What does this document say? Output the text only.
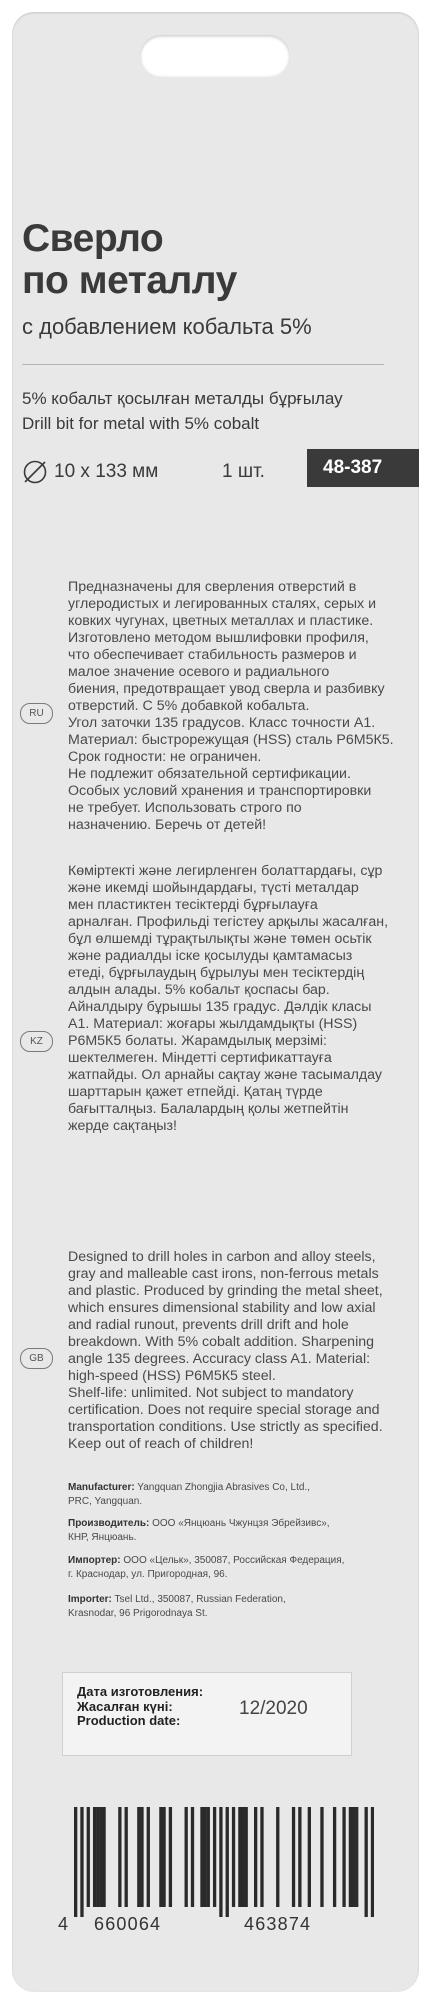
Сверло
по металлу
с добавлением кобальта 5%
5% кобальт қосылған металды бұрғылау
Drill bit for metal with 5% cobalt
10 x 133 мм	1 шт.	48-387
Предназначены для сверления отверстий в
углеродистых и легированных сталях, серых и
ковких чугунах, цветных металлах и пластике.
Изготовлено методом вышлифовки профиля,
что обеспечивает стабильность размеров и
малое значение осевого и радиального
биения, предотвращает увод сверла и разбивку
отверстий. С 5% добавкой кобальта.
Угол заточки 135 градусов. Класс точности А1.
Материал: быстрорежущая (HSS) сталь Р6М5К5.
Срок годности: не ограничен.
Не подлежит обязательной сертификации.
Особых условий хранения и транспортировки
не требует. Использовать строго по
назначению. Беречь от детей!
RU
Көміртекті және легирленген болаттардағы, сұр
және икемді шойындардағы, түсті металдар
мен пластиктен тесіктерді бұрғылауға
арналған. Профильді тегістеу арқылы жасалған,
бұл өлшемді тұрақтылықты және төмен осьтік
және радиалды іске қосылуды қамтамасыз
етеді, бұрғылаудың бұрылуы мен тесіктердің
алдын алады. 5% кобальт қоспасы бар.
Айналдыру бұрышы 135 градус. Дәлдік класы
A1. Материал: жоғары жылдамдықты (HSS)
Р6М5К5 болаты. Жарамдылық мерзімі:
шектелмеген. Міндетті сертификаттауға
жатпайды. Ол арнайы сақтау және тасымалдау
шарттарын қажет етпейді. Қатаң түрде
бағытталңыз. Балалардың қолы жетпейтін
жерде сақтаңыз!
KZ
Designed to drill holes in carbon and alloy steels,
gray and malleable cast irons, non-ferrous metals
and plastic. Produced by grinding the metal sheet,
which ensures dimensional stability and low axial
and radial runout, prevents drill drift and hole
breakdown. With 5% cobalt addition. Sharpening
angle 135 degrees. Accuracy class A1. Material:
high-speed (HSS) Р6М5К5 steel.
Shelf-life: unlimited. Not subject to mandatory
certification. Does not require special storage and
transportation conditions. Use strictly as specified.
Keep out of reach of children!
GB
Manufacturer: Yangquan Zhongjia Abrasives Co, Ltd.,
PRC, Yangquan.
Производитель: ООО «Янцюань Чжунцзя Эбрейзивс»,
КНР, Янцюань.
Импортер: ООО «Цельк», 350087, Российская Федерация,
г. Краснодар, ул. Пригородная, 96.
Importer: Tsel Ltd., 350087, Russian Federation,
Krasnodar, 96 Prigorodnaya St.
Дата изготовления:
Жасалған күні:
Production date:
12/2020
4 660064	463874
